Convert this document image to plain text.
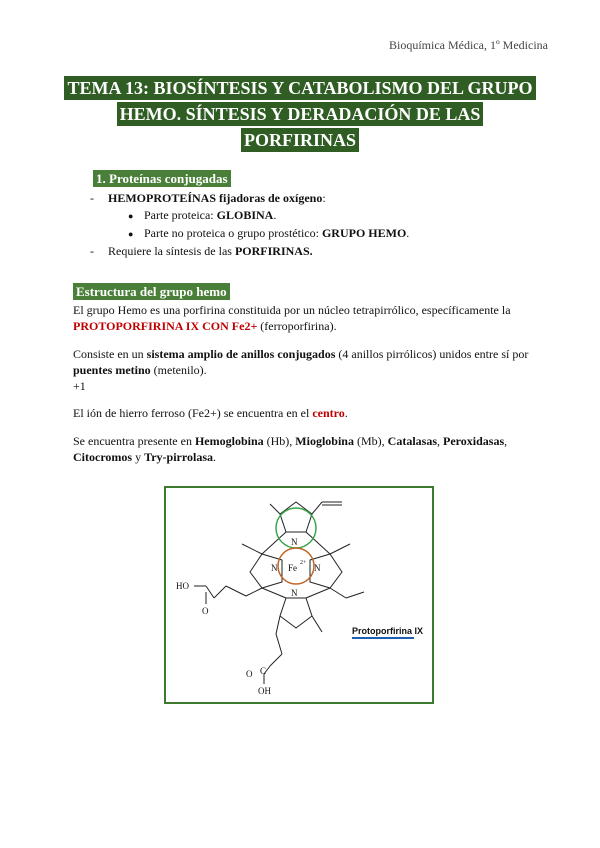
Bioquímica Médica, 1º Medicina
TEMA 13: BIOSÍNTESIS Y CATABOLISMO DEL GRUPO
HEMO. SÍNTESIS Y DERADACIÓN DE LAS
PORFIRINAS
1. Proteínas conjugadas
- HEMOPROTEÍNAS fijadoras de oxígeno:
● Parte proteica: GLOBINA.
● Parte no proteica o grupo prostético: GRUPO HEMO.
- Requiere la síntesis de las PORFIRINAS.
Estructura del grupo hemo
El grupo Hemo es una porfirina constituida por un núcleo tetrapirrólico, específicamente la PROTOPORFIRINA IX CON Fe2+ (ferroporfirina).
Consiste en un sistema amplio de anillos conjugados (4 anillos pirrólicos) unidos entre sí por puentes metino (metenilo).
+1
El ión de hierro ferroso (Fe2+) se encuentra en el centro.
Se encuentra presente en Hemoglobina (Hb), Mioglobina (Mb), Catalasas, Peroxidasas, Citocromos y Try-pirrolasa.
N
N	N
N
Fe 2+
HO
O
O C
OH
Protoporfirina IX
